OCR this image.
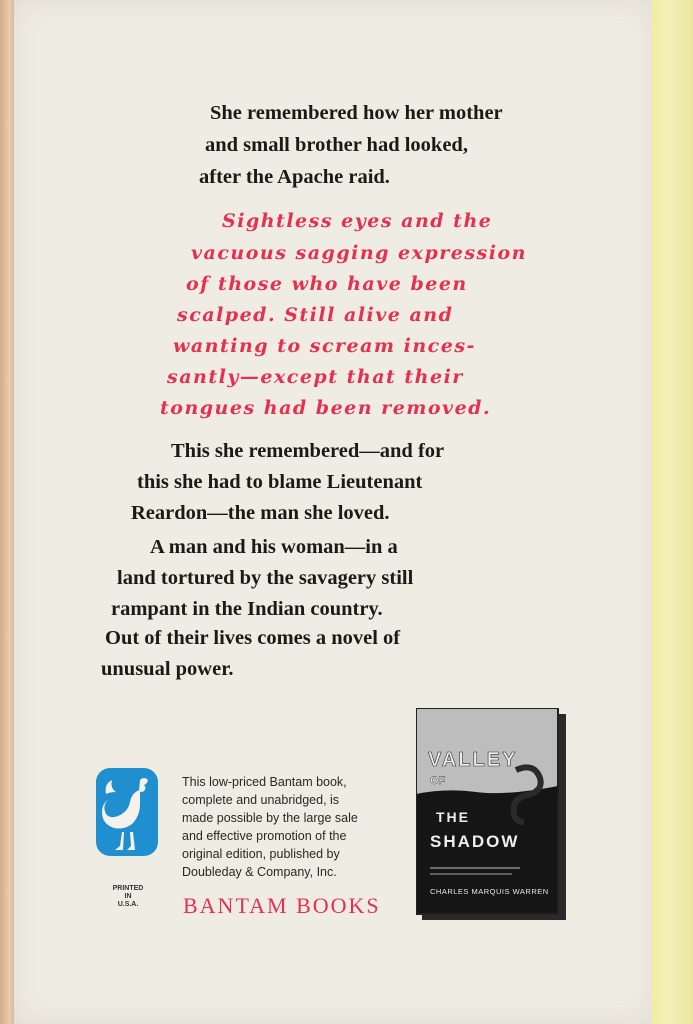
She remembered how her mother
and small brother had looked,
after the Apache raid.
Sightless eyes and the
vacuous sagging expression
of those who have been
scalped. Still alive and
wanting to scream inces-
santly—except that their
tongues had been removed.
This she remembered—and for
this she had to blame Lieutenant
Reardon—the man she loved.
A man and his woman—in a
land tortured by the savagery still
rampant in the Indian country.
Out of their lives comes a novel of
unusual power.
PRINTED
IN
U.S.A.
This low-priced Bantam book,
complete and unabridged, is
made possible by the large sale
and effective promotion of the
original edition, published by
Doubleday & Company, Inc.
BANTAM BOOKS
VALLEY
OF
THE
SHADOW
CHARLES MARQUIS WARREN
